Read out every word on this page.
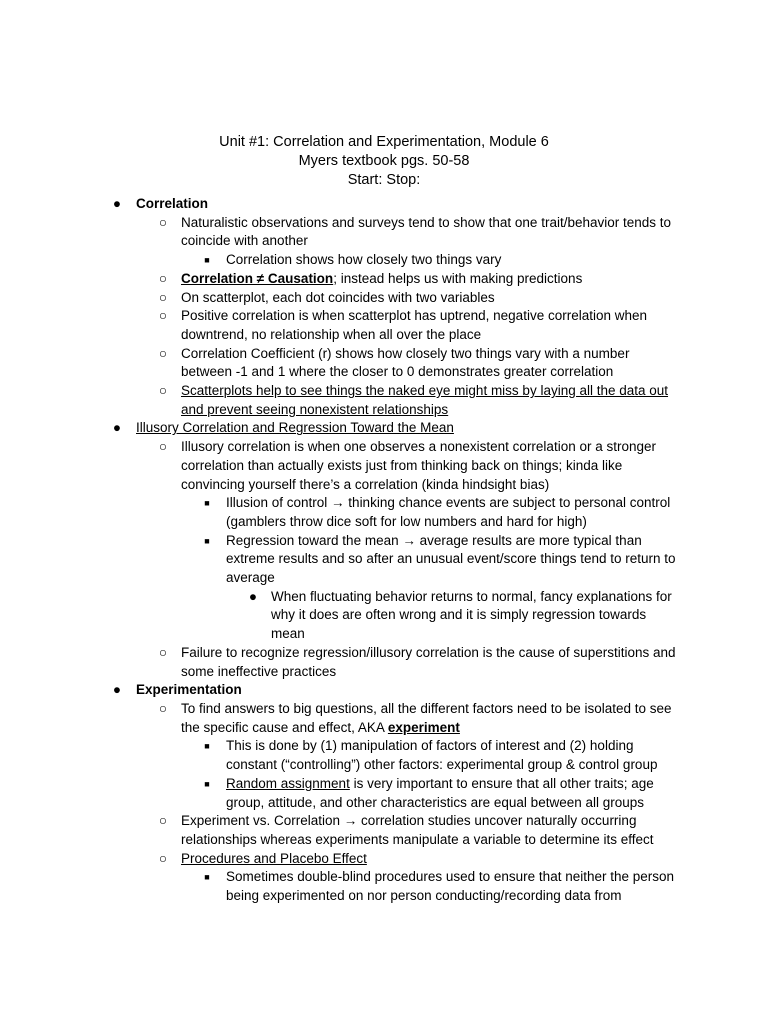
Unit #1: Correlation and Experimentation, Module 6
Myers textbook pgs. 50-58
Start: Stop:
● Correlation
○ Naturalistic observations and surveys tend to show that one trait/behavior tends to coincide with another
■	Correlation shows how closely two things vary
○ Correlation ≠ Causation; instead helps us with making predictions
○ On scatterplot, each dot coincides with two variables
○ Positive correlation is when scatterplot has uptrend, negative correlation when downtrend, no relationship when all over the place
○ Correlation Coefficient (r) shows how closely two things vary with a number between -1 and 1 where the closer to 0 demonstrates greater correlation
○ Scatterplots help to see things the naked eye might miss by laying all the data out and prevent seeing nonexistent relationships
● Illusory Correlation and Regression Toward the Mean
○ Illusory correlation is when one observes a nonexistent correlation or a stronger correlation than actually exists just from thinking back on things; kinda like convincing yourself there’s a correlation (kinda hindsight bias)
■	Illusion of control → thinking chance events are subject to personal control (gamblers throw dice soft for low numbers and hard for high)
■	Regression toward the mean → average results are more typical than extreme results and so after an unusual event/score things tend to return to average
● When fluctuating behavior returns to normal, fancy explanations for why it does are often wrong and it is simply regression towards mean
○ Failure to recognize regression/illusory correlation is the cause of superstitions and some ineffective practices
● Experimentation
○ To find answers to big questions, all the different factors need to be isolated to see the specific cause and effect, AKA experiment
■	This is done by (1) manipulation of factors of interest and (2) holding constant (“controlling”) other factors: experimental group & control group
■	Random assignment is very important to ensure that all other traits; age group, attitude, and other characteristics are equal between all groups
○ Experiment vs. Correlation → correlation studies uncover naturally occurring relationships whereas experiments manipulate a variable to determine its effect
○ Procedures and Placebo Effect
■	Sometimes double-blind procedures used to ensure that neither the person being experimented on nor person conducting/recording data from
